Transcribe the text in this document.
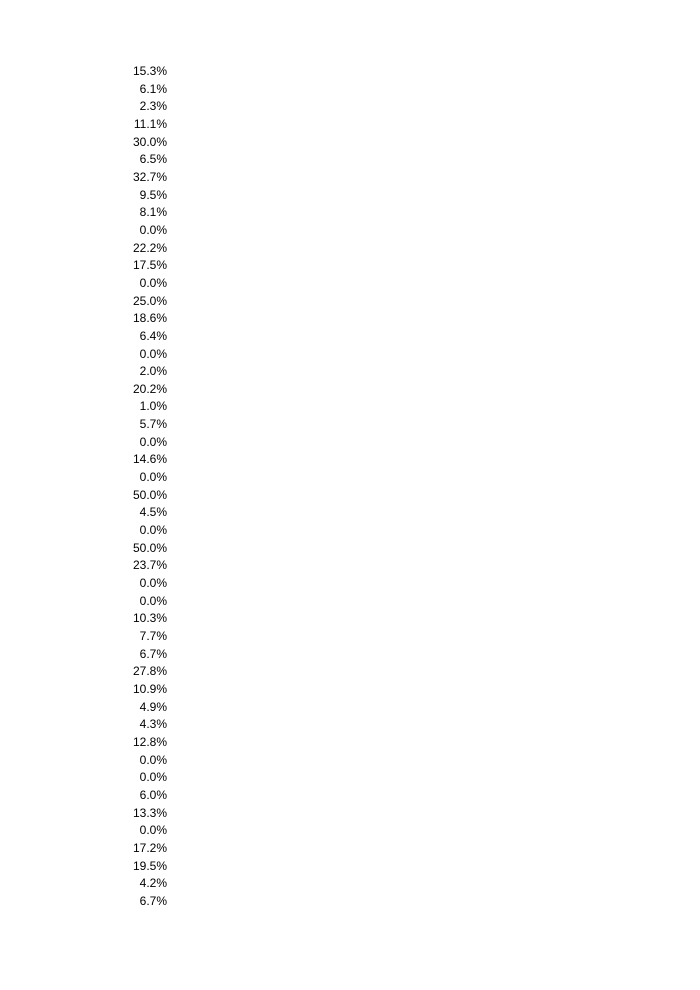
15.3%
6.1%
2.3%
11.1%
30.0%
6.5%
32.7%
9.5%
8.1%
0.0%
22.2%
17.5%
0.0%
25.0%
18.6%
6.4%
0.0%
2.0%
20.2%
1.0%
5.7%
0.0%
14.6%
0.0%
50.0%
4.5%
0.0%
50.0%
23.7%
0.0%
0.0%
10.3%
7.7%
6.7%
27.8%
10.9%
4.9%
4.3%
12.8%
0.0%
0.0%
6.0%
13.3%
0.0%
17.2%
19.5%
4.2%
6.7%
